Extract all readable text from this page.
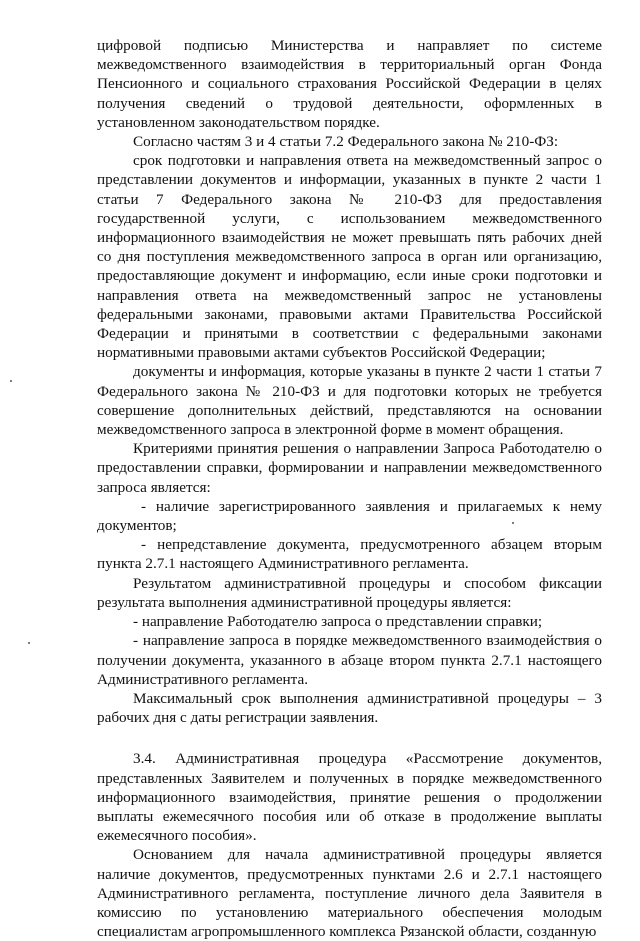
цифровой подписью Министерства и направляет по системе межведомственного взаимодействия в территориальный орган Фонда Пенсионного и социального страхования Российской Федерации в целях получения сведений о трудовой деятельности, оформленных в установленном законодательством порядке.

Согласно частям 3 и 4 статьи 7.2 Федерального закона № 210-ФЗ:

срок подготовки и направления ответа на межведомственный запрос о представлении документов и информации, указанных в пункте 2 части 1 статьи 7 Федерального закона № 210-ФЗ для предоставления государственной услуги, с использованием межведомственного информационного взаимодействия не может превышать пять рабочих дней со дня поступления межведомственного запроса в орган или организацию, предоставляющие документ и информацию, если иные сроки подготовки и направления ответа на межведомственный запрос не установлены федеральными законами, правовыми актами Правительства Российской Федерации и принятыми в соответствии с федеральными законами нормативными правовыми актами субъектов Российской Федерации;

документы и информация, которые указаны в пункте 2 части 1 статьи 7 Федерального закона № 210-ФЗ и для подготовки которых не требуется совершение дополнительных действий, представляются на основании межведомственного запроса в электронной форме в момент обращения.

Критериями принятия решения о направлении Запроса Работодателю о предоставлении справки, формировании и направлении межведомственного запроса является:

- наличие зарегистрированного заявления и прилагаемых к нему документов;

- непредставление документа, предусмотренного абзацем вторым пункта 2.7.1 настоящего Административного регламента.

Результатом административной процедуры и способом фиксации результата выполнения административной процедуры является:

- направление Работодателю запроса о представлении справки;

- направление запроса в порядке межведомственного взаимодействия о получении документа, указанного в абзаце втором пункта 2.7.1 настоящего Административного регламента.

Максимальный срок выполнения административной процедуры – 3 рабочих дня с даты регистрации заявления.

3.4. Административная процедура «Рассмотрение документов, представленных Заявителем и полученных в порядке межведомственного информационного взаимодействия, принятие решения о продолжении выплаты ежемесячного пособия или об отказе в продолжение выплаты ежемесячного пособия».

Основанием для начала административной процедуры является наличие документов, предусмотренных пунктами 2.6 и 2.7.1 настоящего Административного регламента, поступление личного дела Заявителя в комиссию по установлению материального обеспечения молодым специалистам агропромышленного комплекса Рязанской области, созданную
